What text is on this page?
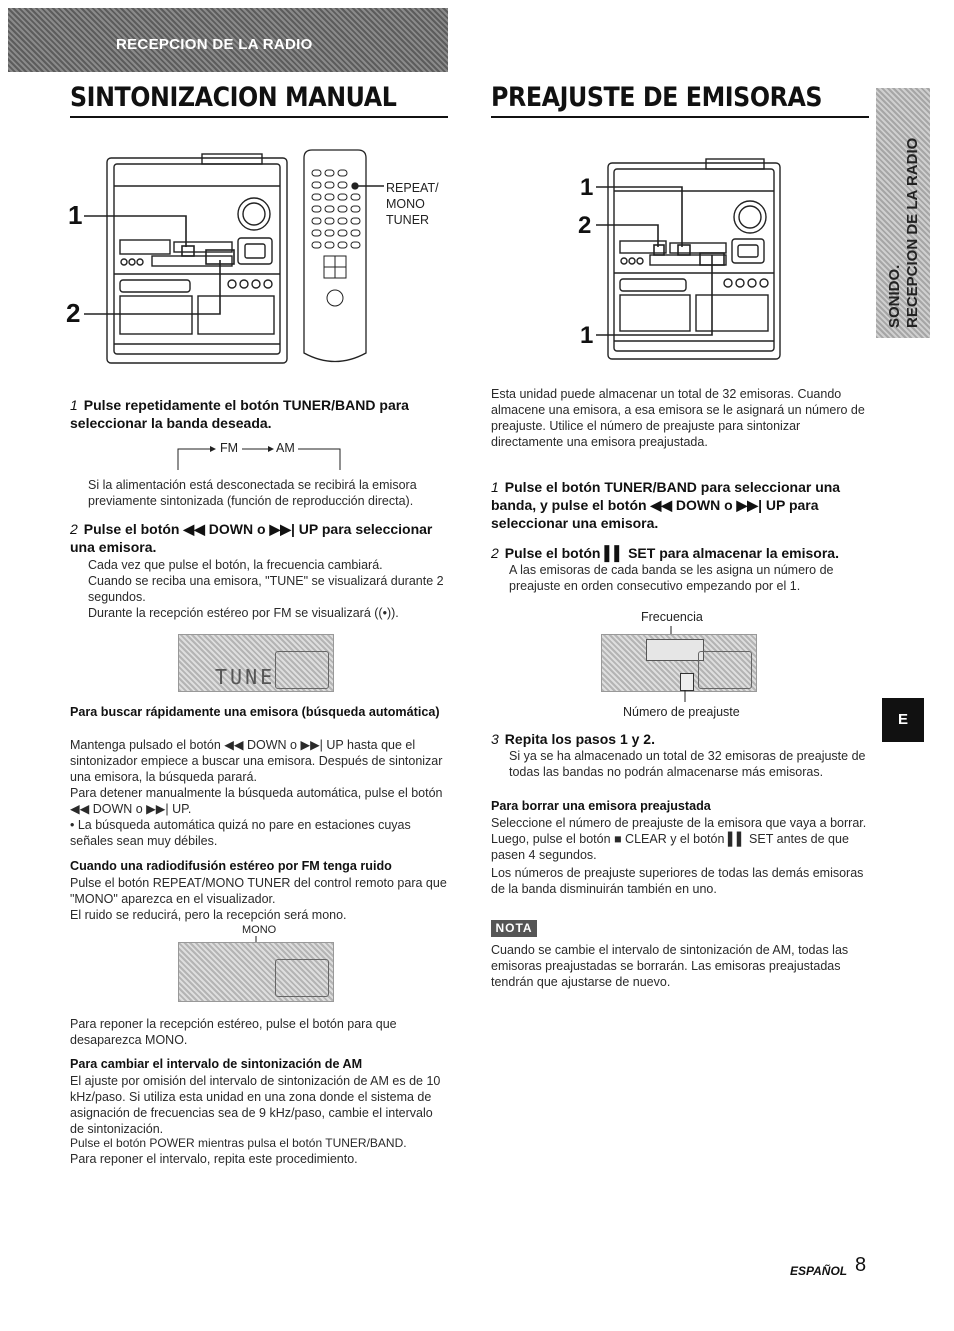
RECEPCION DE LA RADIO
SONIDO. RECEPCION DE LA RADIO
E
SINTONIZACION MANUAL
1
2
REPEAT/
MONO
TUNER
1 Pulse repetidamente el botón TUNER/BAND para seleccionar la banda deseada.
FM	AM
Si la alimentación está desconectada se recibirá la emisora previamente sintonizada (función de reproducción directa).
2 Pulse el botón ◀◀ DOWN o ▶▶| UP para seleccionar una emisora.
Cada vez que pulse el botón, la frecuencia cambiará.
Cuando se reciba una emisora, "TUNE" se visualizará durante 2 segundos.
Durante la recepción estéreo por FM se visualizará ((•)).
TUNE
Para buscar rápidamente una emisora (búsqueda automática)
Mantenga pulsado el botón ◀◀ DOWN o ▶▶| UP hasta que el sintonizador empiece a buscar una emisora. Después de sintonizar una emisora, la búsqueda parará.
Para detener manualmente la búsqueda automática, pulse el botón ◀◀ DOWN o ▶▶| UP.
• La búsqueda automática quizá no pare en estaciones cuyas señales sean muy débiles.
Cuando una radiodifusión estéreo por FM tenga ruido
Pulse el botón REPEAT/MONO TUNER del control remoto para que "MONO" aparezca en el visualizador.
El ruido se reducirá, pero la recepción será mono.
MONO
Para reponer la recepción estéreo, pulse el botón para que desaparezca MONO.
Para cambiar el intervalo de sintonización de AM
El ajuste por omisión del intervalo de sintonización de AM es de 10 kHz/paso. Si utiliza esta unidad en una zona donde el sistema de asignación de frecuencias sea de 9 kHz/paso, cambie el intervalo de sintonización.
Pulse el botón POWER mientras pulsa el botón TUNER/BAND.
Para reponer el intervalo, repita este procedimiento.
PREAJUSTE DE EMISORAS
1
2
1
Esta unidad puede almacenar un total de 32 emisoras. Cuando almacene una emisora, a esa emisora se le asignará un número de preajuste. Utilice el número de preajuste para sintonizar directamente una emisora preajustada.
1 Pulse el botón TUNER/BAND para seleccionar una banda, y pulse el botón ◀◀ DOWN o ▶▶| UP para seleccionar una emisora.
2 Pulse el botón ▌▌ SET para almacenar la emisora.
A las emisoras de cada banda se les asigna un número de preajuste en orden consecutivo empezando por el 1.
Frecuencia
Número de preajuste
3 Repita los pasos 1 y 2.
Si ya se ha almacenado un total de 32 emisoras de preajuste de todas las bandas no podrán almacenarse más emisoras.
Para borrar una emisora preajustada
Seleccione el número de preajuste de la emisora que vaya a borrar. Luego, pulse el botón ■ CLEAR y el botón ▌▌ SET antes de que pasen 4 segundos.
Los números de preajuste superiores de todas las demás emisoras de la banda disminuirán también en uno.
NOTA
Cuando se cambie el intervalo de sintonización de AM, todas las emisoras preajustadas se borrarán. Las emisoras preajustadas tendrán que ajustarse de nuevo.
ESPAÑOL 8
